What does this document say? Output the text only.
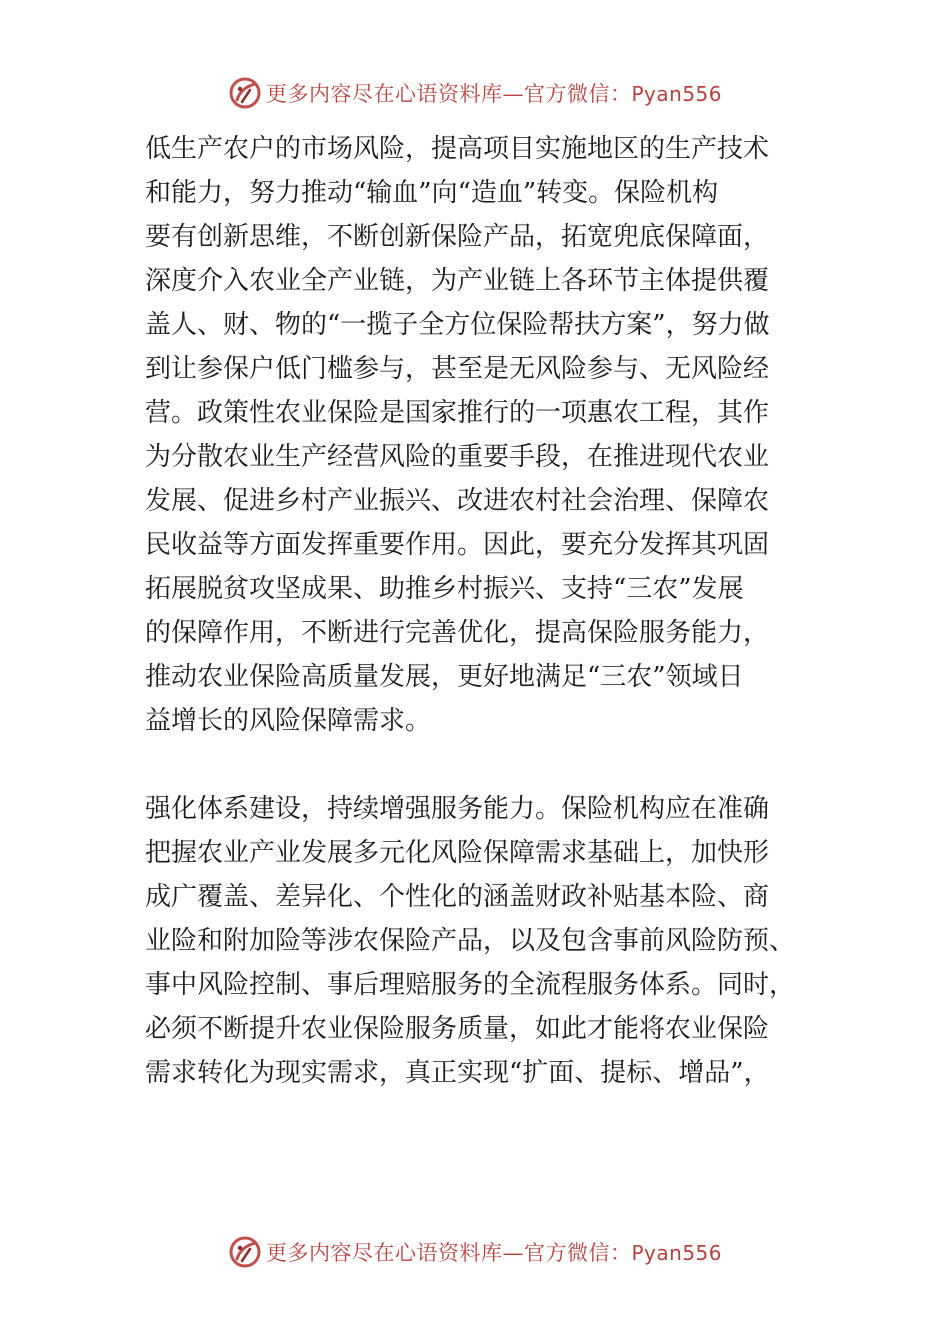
更多内容尽在心语资料库—官方微信：Pyan556
低生产农户的市场风险，提高项目实施地区的生产技术
和能力，努力推动“输血”向“造血”转变。保险机构
要有创新思维，不断创新保险产品，拓宽兜底保障面，
深度介入农业全产业链，为产业链上各环节主体提供覆
盖人、财、物的“一揽子全方位保险帮扶方案”，努力做
到让参保户低门槛参与，甚至是无风险参与、无风险经
营。政策性农业保险是国家推行的一项惠农工程，其作
为分散农业生产经营风险的重要手段，在推进现代农业
发展、促进乡村产业振兴、改进农村社会治理、保障农
民收益等方面发挥重要作用。因此，要充分发挥其巩固
拓展脱贫攻坚成果、助推乡村振兴、支持“三农”发展
的保障作用，不断进行完善优化，提高保险服务能力，
推动农业保险高质量发展，更好地满足“三农”领域日
益增长的风险保障需求。
强化体系建设，持续增强服务能力。保险机构应在准确
把握农业产业发展多元化风险保障需求基础上，加快形
成广覆盖、差异化、个性化的涵盖财政补贴基本险、商
业险和附加险等涉农保险产品，以及包含事前风险防预、
事中风险控制、事后理赔服务的全流程服务体系。同时，
必须不断提升农业保险服务质量，如此才能将农业保险
需求转化为现实需求，真正实现“扩面、提标、增品”，
更多内容尽在心语资料库—官方微信：Pyan556
